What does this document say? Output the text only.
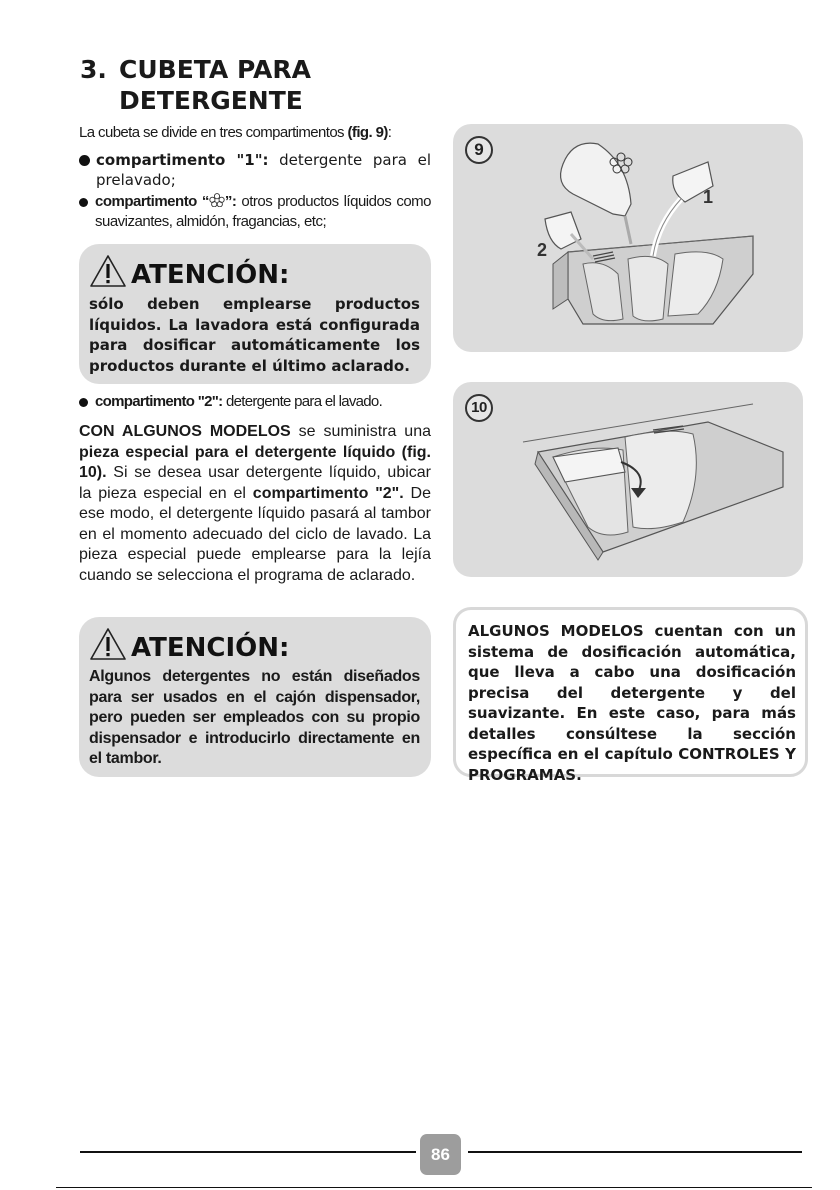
3. CUBETA PARA
DETERGENTE
La cubeta se divide en tres compartimentos (fig. 9):
compartimento "1": detergente para el prelavado;
compartimento “ ”: otros productos líquidos como suavizantes, almidón, fragancias, etc;
ATENCIÓN:
sólo deben emplearse productos líquidos. La lavadora está configurada para dosificar automáticamente los productos durante el último aclarado.
compartimento "2": detergente para el lavado.
CON ALGUNOS MODELOS se suministra una pieza especial para el detergente líquido (fig. 10). Si se desea usar detergente líquido, ubicar la pieza especial en el compartimento "2". De ese modo, el detergente líquido pasará al tambor en el momento adecuado del ciclo de lavado. La pieza especial puede emplearse para la lejía cuando se selecciona el programa de aclarado.
ATENCIÓN:
Algunos detergentes no están diseñados para ser usados en el cajón dispensador, pero pueden ser empleados con su propio dispensador e introducirlo directamente en el tambor.
9
1
2
10
ALGUNOS MODELOS cuentan con un sistema de dosificación automática, que lleva a cabo una dosificación precisa del detergente y del suavizante. En este caso, para más detalles consúltese la sección específica en el capítulo CONTROLES Y PROGRAMAS.
86
